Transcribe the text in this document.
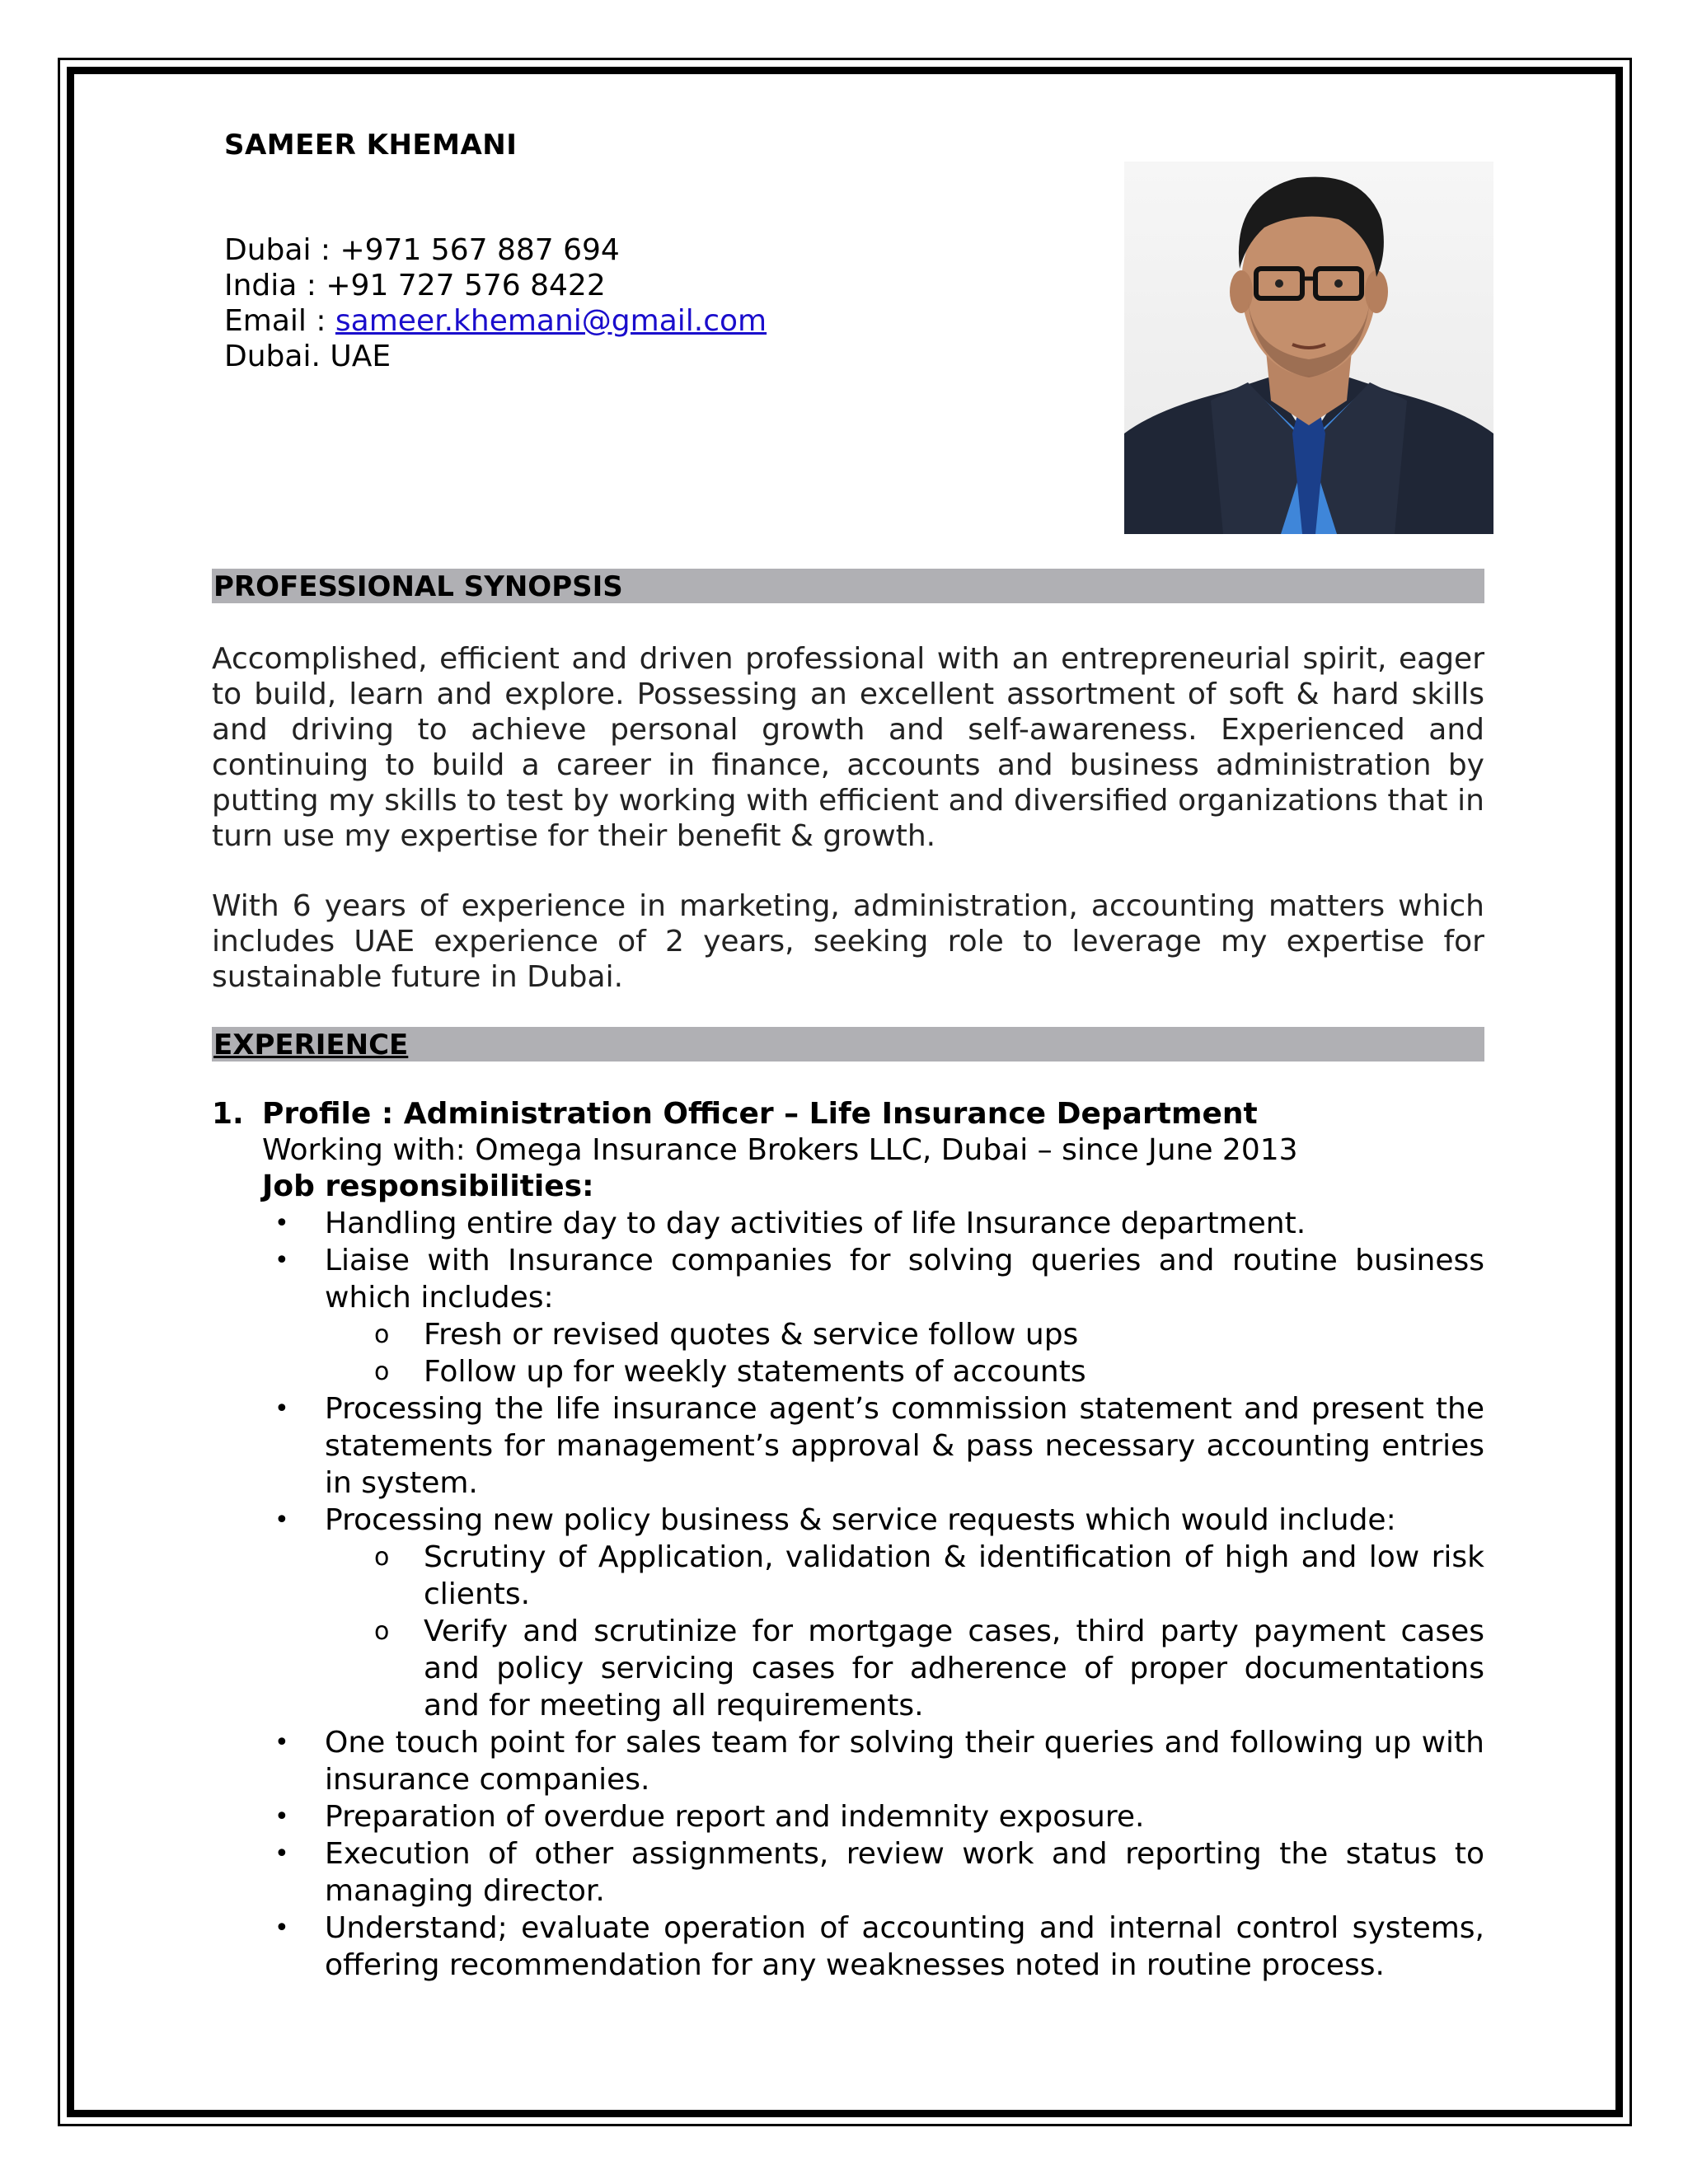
SAMEER KHEMANI
Dubai : +971 567 887 694
India : +91 727 576 8422
Email : sameer.khemani@gmail.com
Dubai. UAE
PROFESSIONAL SYNOPSIS
Accomplished, efficient and driven professional with an entrepreneurial spirit, eager to build, learn and explore. Possessing an excellent assortment of soft & hard skills and driving to achieve personal growth and self-awareness. Experienced and continuing to build a career in finance, accounts and business administration by putting my skills to test by working with efficient and diversified organizations that in turn use my expertise for their benefit & growth.
With 6 years of experience in marketing, administration, accounting matters which includes UAE experience of 2 years, seeking role to leverage my expertise for sustainable future in Dubai.
EXPERIENCE
1. Profile : Administration Officer – Life Insurance Department
Working with: Omega Insurance Brokers LLC, Dubai – since June 2013
Job responsibilities:
• Handling entire day to day activities of life Insurance department.
• Liaise with Insurance companies for solving queries and routine business which includes:
o Fresh or revised quotes & service follow ups
o Follow up for weekly statements of accounts
• Processing the life insurance agent’s commission statement and present the statements for management’s approval & pass necessary accounting entries in system.
• Processing new policy business & service requests which would include:
o Scrutiny of Application, validation & identification of high and low risk clients.
o Verify and scrutinize for mortgage cases, third party payment cases and policy servicing cases for adherence of proper documentations and for meeting all requirements.
• One touch point for sales team for solving their queries and following up with insurance companies.
• Preparation of overdue report and indemnity exposure.
• Execution of other assignments, review work and reporting the status to managing director.
• Understand; evaluate operation of accounting and internal control systems, offering recommendation for any weaknesses noted in routine process.
